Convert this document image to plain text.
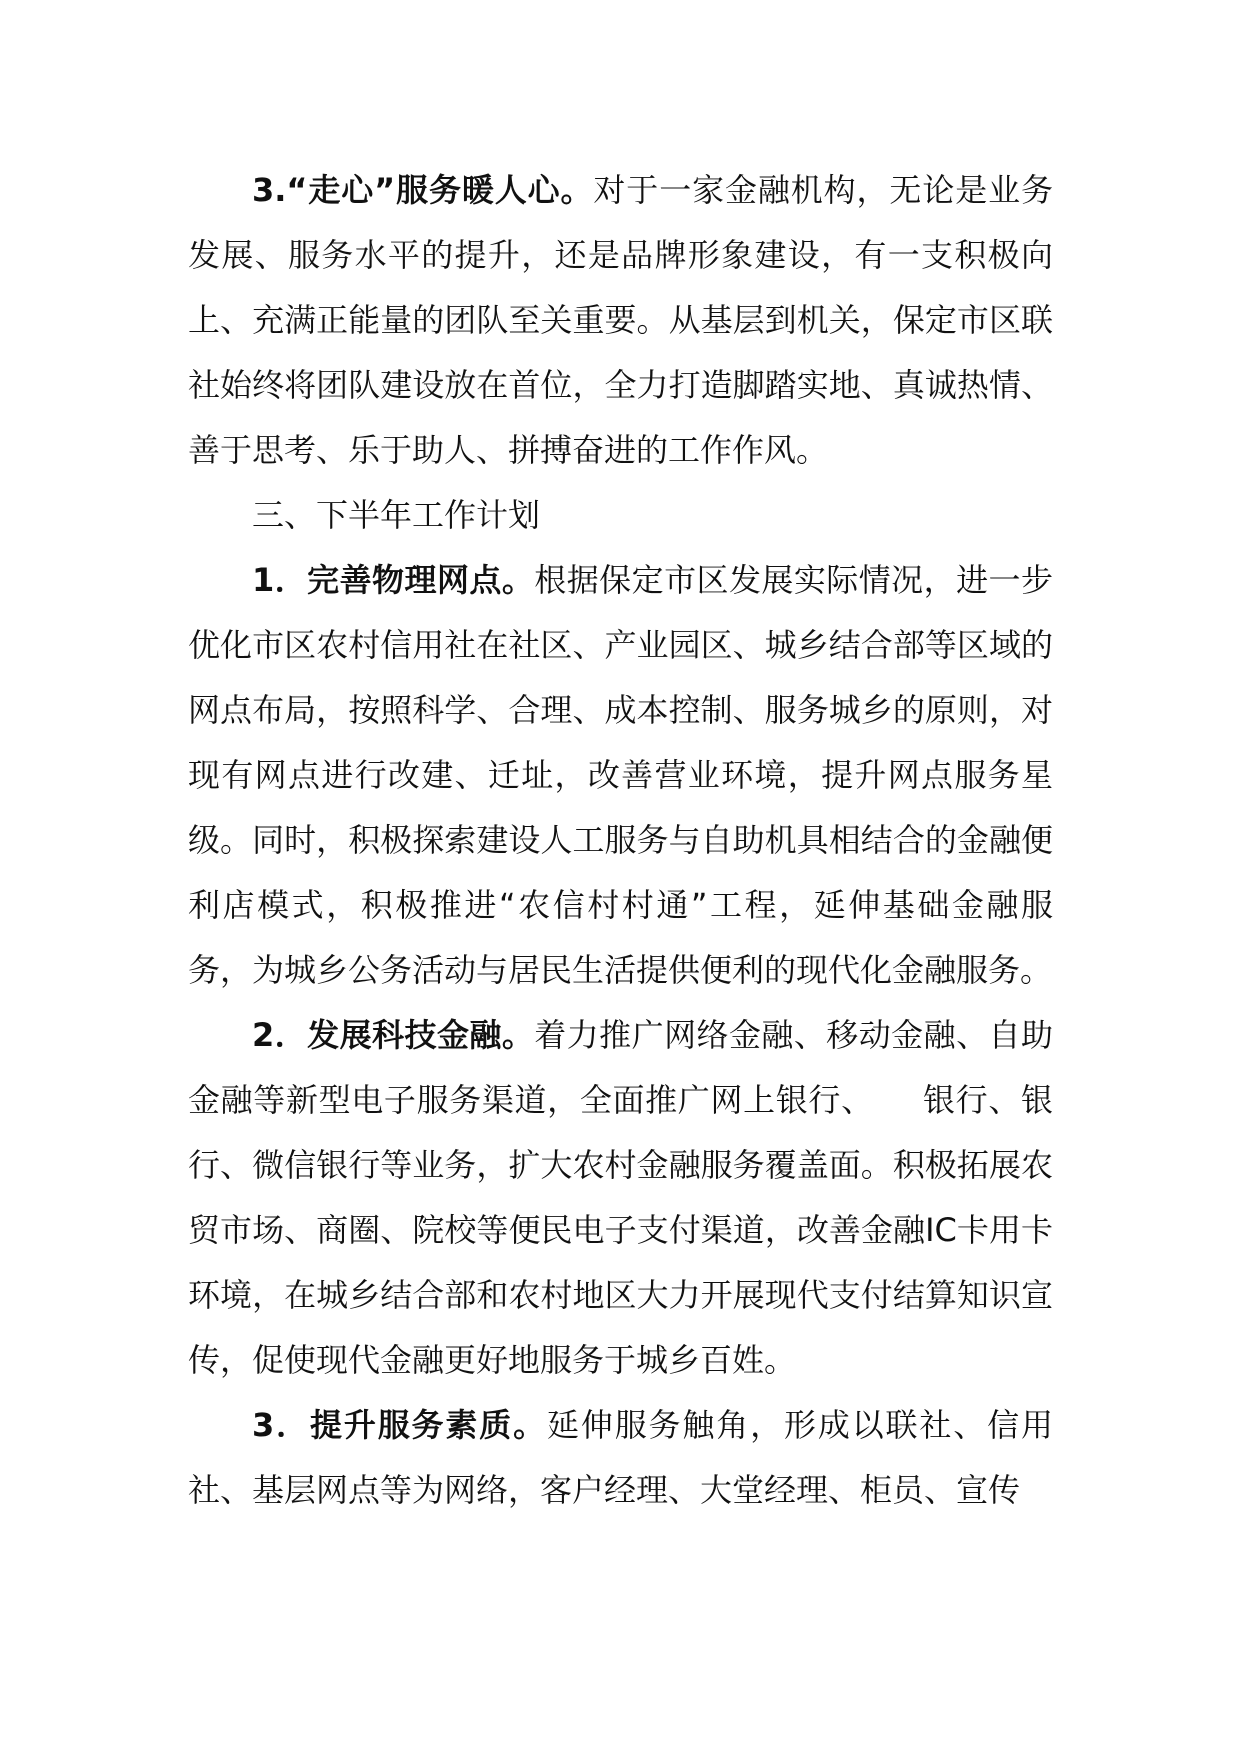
3.“走心”服务暖人心。对于一家金融机构，无论是业务发展、服务水平的提升，还是品牌形象建设，有一支积极向上、充满正能量的团队至关重要。从基层到机关，保定市区联社始终将团队建设放在首位，全力打造脚踏实地、真诚热情、善于思考、乐于助人、拼搏奋进的工作作风。

三、下半年工作计划

1．完善物理网点。根据保定市区发展实际情况，进一步优化市区农村信用社在社区、产业园区、城乡结合部等区域的网点布局，按照科学、合理、成本控制、服务城乡的原则，对现有网点进行改建、迁址，改善营业环境，提升网点服务星级。同时，积极探索建设人工服务与自助机具相结合的金融便利店模式，积极推进“农信村村通”工程，延伸基础金融服务，为城乡公务活动与居民生活提供便利的现代化金融服务。

2．发展科技金融。着力推广网络金融、移动金融、自助金融等新型电子服务渠道，全面推广网上银行、　　银行、银行、微信银行等业务，扩大农村金融服务覆盖面。积极拓展农贸市场、商圈、院校等便民电子支付渠道，改善金融IC卡用卡环境，在城乡结合部和农村地区大力开展现代支付结算知识宣传，促使现代金融更好地服务于城乡百姓。

3．提升服务素质。延伸服务触角，形成以联社、信用社、基层网点等为网络，客户经理、大堂经理、柜员、宣传
